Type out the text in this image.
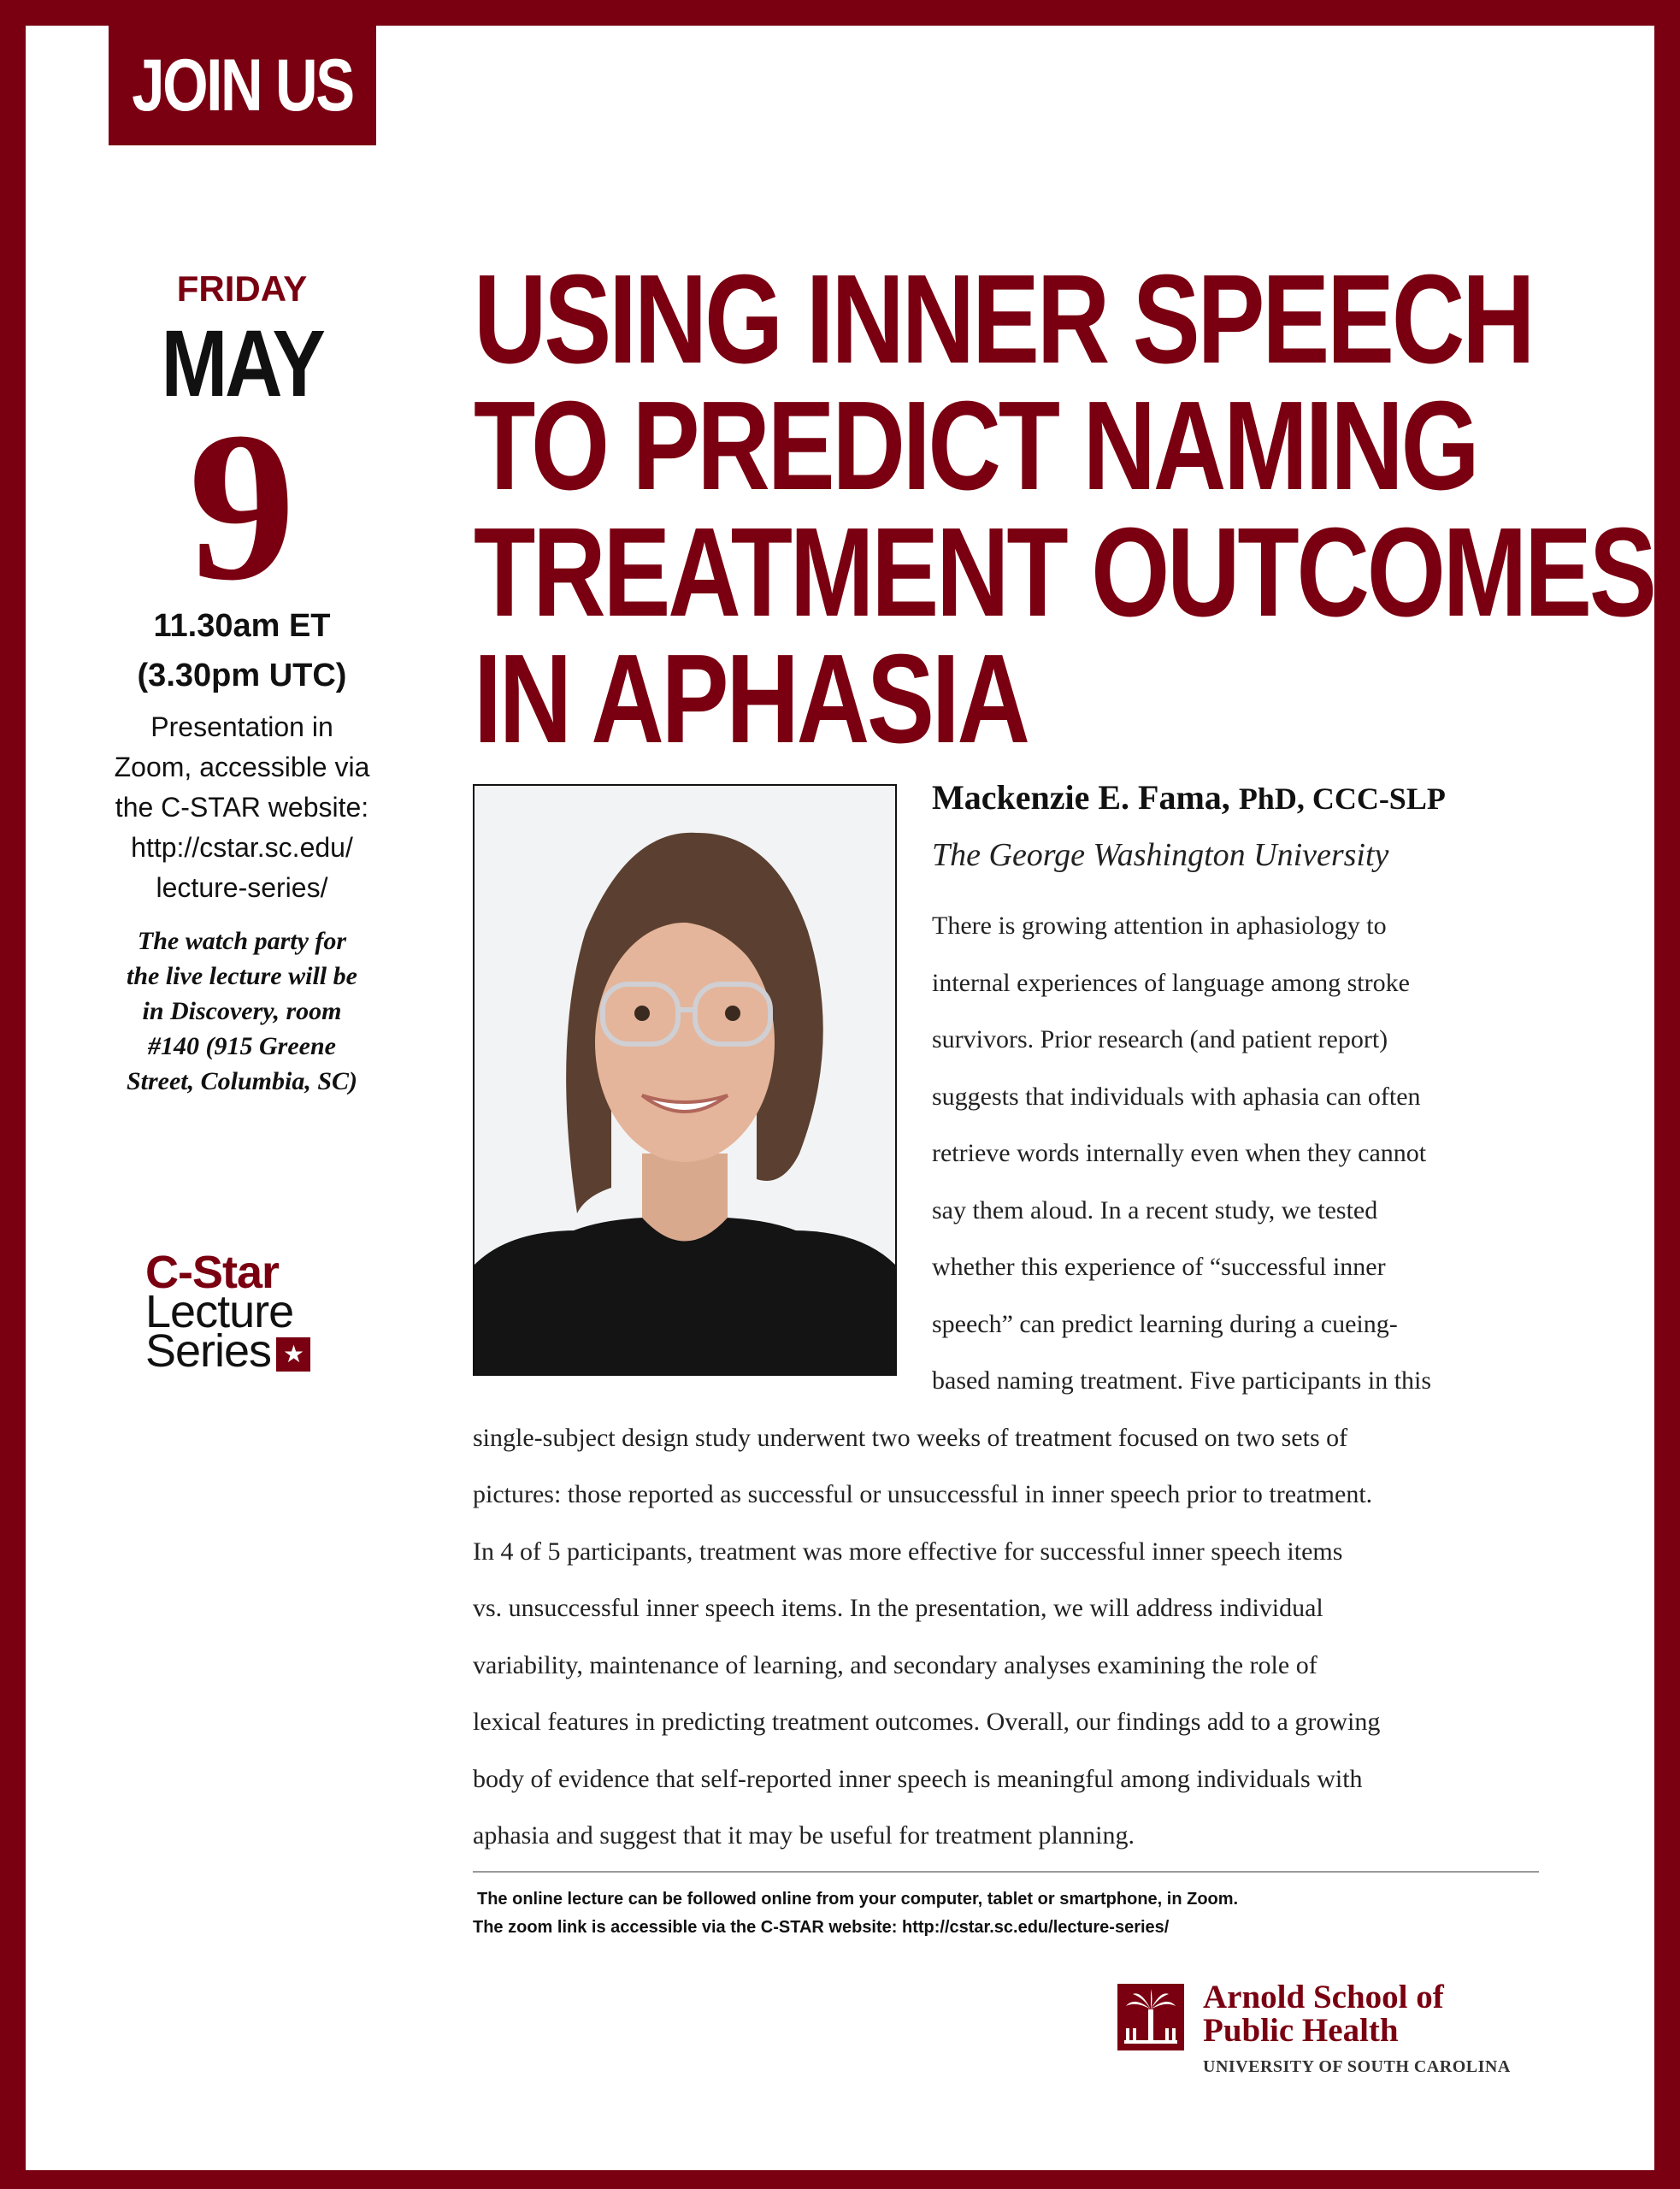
JOIN US
FRIDAY
MAY
9
11.30am ET
(3.30pm UTC)
Presentation in
Zoom, accessible via
the C-STAR website:
http://cstar.sc.edu/
lecture-series/
The watch party for
the live lecture will be
in Discovery, room
#140 (915 Greene
Street, Columbia, SC)
C-Star
Lecture
Series ★
USING INNER SPEECH
TO PREDICT NAMING
TREATMENT OUTCOMES
IN APHASIA
Mackenzie E. Fama, PhD, CCC-SLP
The George Washington University
There is growing attention in aphasiology to
internal experiences of language among stroke
survivors. Prior research (and patient report)
suggests that individuals with aphasia can often
retrieve words internally even when they cannot
say them aloud. In a recent study, we tested
whether this experience of “successful inner
speech” can predict learning during a cueing-
based naming treatment. Five participants in this
single-subject design study underwent two weeks of treatment focused on two sets of
pictures: those reported as successful or unsuccessful in inner speech prior to treatment.
In 4 of 5 participants, treatment was more effective for successful inner speech items
vs. unsuccessful inner speech items. In the presentation, we will address individual
variability, maintenance of learning, and secondary analyses examining the role of
lexical features in predicting treatment outcomes. Overall, our findings add to a growing
body of evidence that self-reported inner speech is meaningful among individuals with
aphasia and suggest that it may be useful for treatment planning.
The online lecture can be followed online from your computer, tablet or smartphone, in Zoom.
The zoom link is accessible via the C-STAR website: http://cstar.sc.edu/lecture-series/
Arnold School of
Public Health
UNIVERSITY OF SOUTH CAROLINA
